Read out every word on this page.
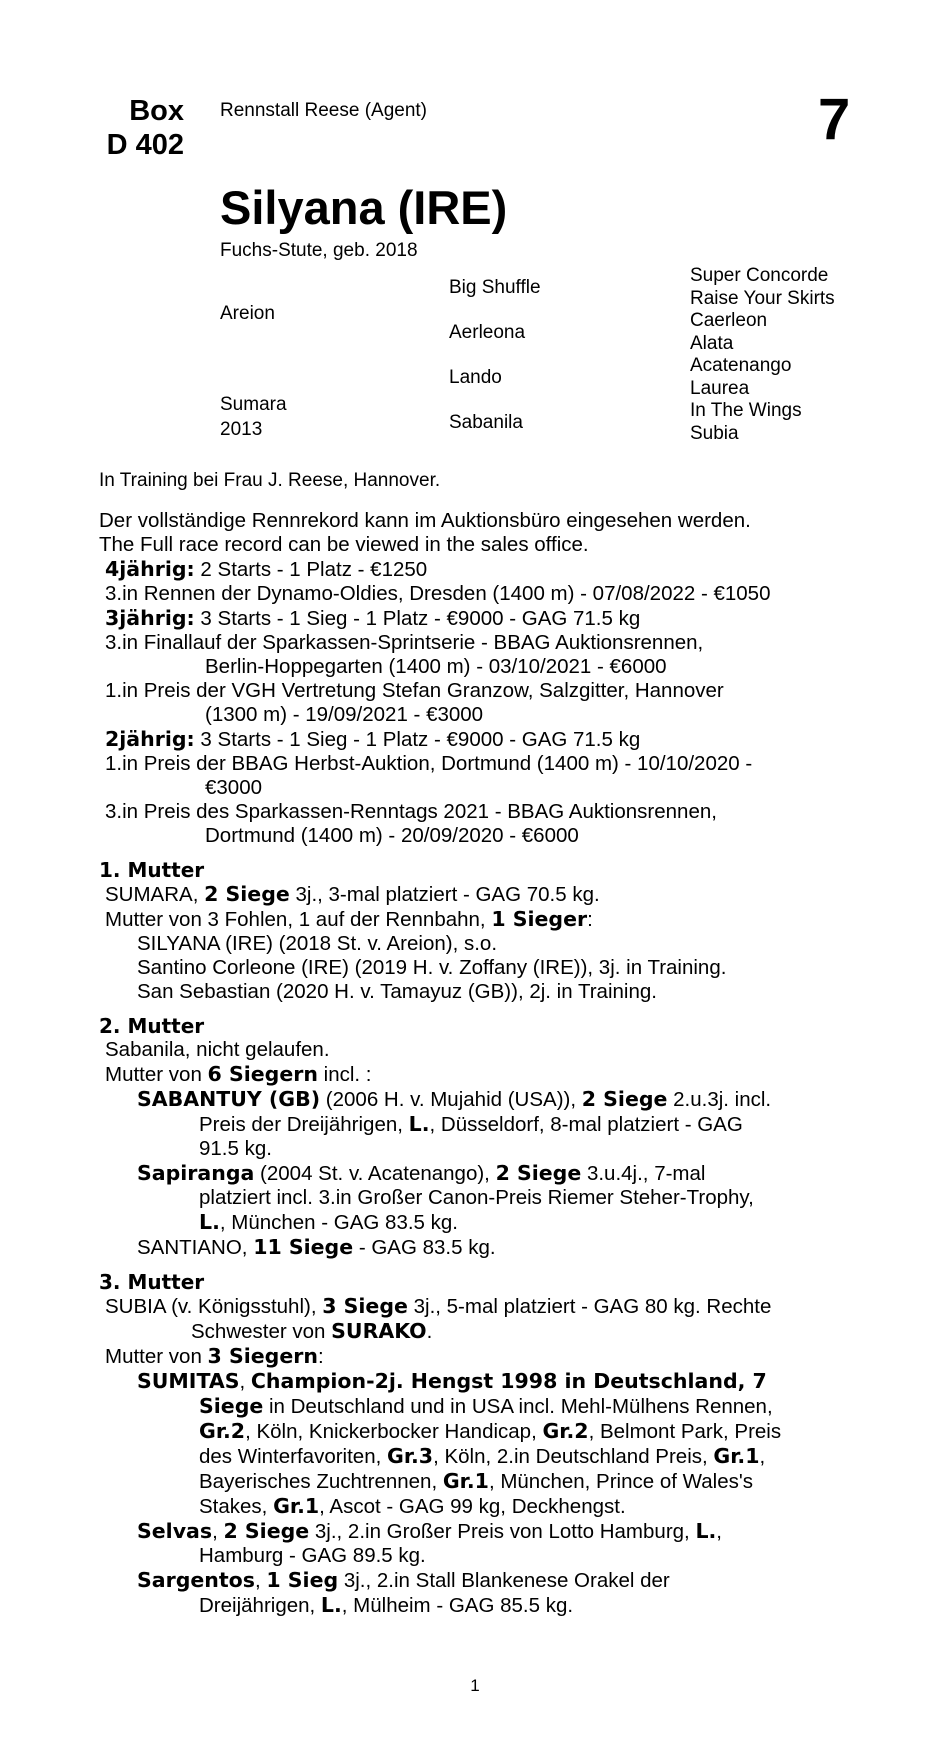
Box
D 402
Rennstall Reese (Agent)	7
Silyana (IRE)
Fuchs-Stute, geb. 2018
Areion
Sumara
2013
Big Shuffle
Aerleona
Lando
Sabanila
Super Concorde
Raise Your Skirts
Caerleon
Alata
Acatenango
Laurea
In The Wings
Subia
In Training bei Frau J. Reese, Hannover.

Der vollständige Rennrekord kann im Auktionsbüro eingesehen werden.

The Full race record can be viewed in the sales office.

4jährig: 2 Starts - 1 Platz - €1250

3.in Rennen der Dynamo-Oldies, Dresden (1400 m) - 07/08/2022 - €1050

3jährig: 3 Starts - 1 Sieg - 1 Platz - €9000 - GAG 71.5 kg

3.in Finallauf der Sparkassen-Sprintserie - BBAG Auktionsrennen,
Berlin-Hoppegarten (1400 m) - 03/10/2021 - €6000

1.in Preis der VGH Vertretung Stefan Granzow, Salzgitter, Hannover
(1300 m) - 19/09/2021 - €3000

2jährig: 3 Starts - 1 Sieg - 1 Platz - €9000 - GAG 71.5 kg

1.in Preis der BBAG Herbst-Auktion, Dortmund (1400 m) - 10/10/2020 -
€3000

3.in Preis des Sparkassen-Renntags 2021 - BBAG Auktionsrennen,
Dortmund (1400 m) - 20/09/2020 - €6000

1. Mutter

SUMARA, 2 Siege 3j., 3-mal platziert - GAG 70.5 kg.

Mutter von 3 Fohlen, 1 auf der Rennbahn, 1 Sieger:

SILYANA (IRE) (2018 St. v. Areion), s.o.

Santino Corleone (IRE) (2019 H. v. Zoffany (IRE)), 3j. in Training.

San Sebastian (2020 H. v. Tamayuz (GB)), 2j. in Training.

2. Mutter

Sabanila, nicht gelaufen.

Mutter von 6 Siegern incl. :

SABANTUY (GB) (2006 H. v. Mujahid (USA)), 2 Siege 2.u.3j. incl.
Preis der Dreijährigen, L., Düsseldorf, 8-mal platziert - GAG
91.5 kg.

Sapiranga (2004 St. v. Acatenango), 2 Siege 3.u.4j., 7-mal
platziert incl. 3.in Großer Canon-Preis Riemer Steher-Trophy,
L., München - GAG 83.5 kg.

SANTIANO, 11 Siege - GAG 83.5 kg.

3. Mutter

SUBIA (v. Königsstuhl), 3 Siege 3j., 5-mal platziert - GAG 80 kg. Rechte
Schwester von SURAKO.

Mutter von 3 Siegern:

SUMITAS, Champion-2j. Hengst 1998 in Deutschland, 7
Siege in Deutschland und in USA incl. Mehl-Mülhens Rennen,
Gr.2, Köln, Knickerbocker Handicap, Gr.2, Belmont Park, Preis
des Winterfavoriten, Gr.3, Köln, 2.in Deutschland Preis, Gr.1,
Bayerisches Zuchtrennen, Gr.1, München, Prince of Wales's
Stakes, Gr.1, Ascot - GAG 99 kg, Deckhengst.

Selvas, 2 Siege 3j., 2.in Großer Preis von Lotto Hamburg, L.,
Hamburg - GAG 89.5 kg.

Sargentos, 1 Sieg 3j., 2.in Stall Blankenese Orakel der
Dreijährigen, L., Mülheim - GAG 85.5 kg.

1
